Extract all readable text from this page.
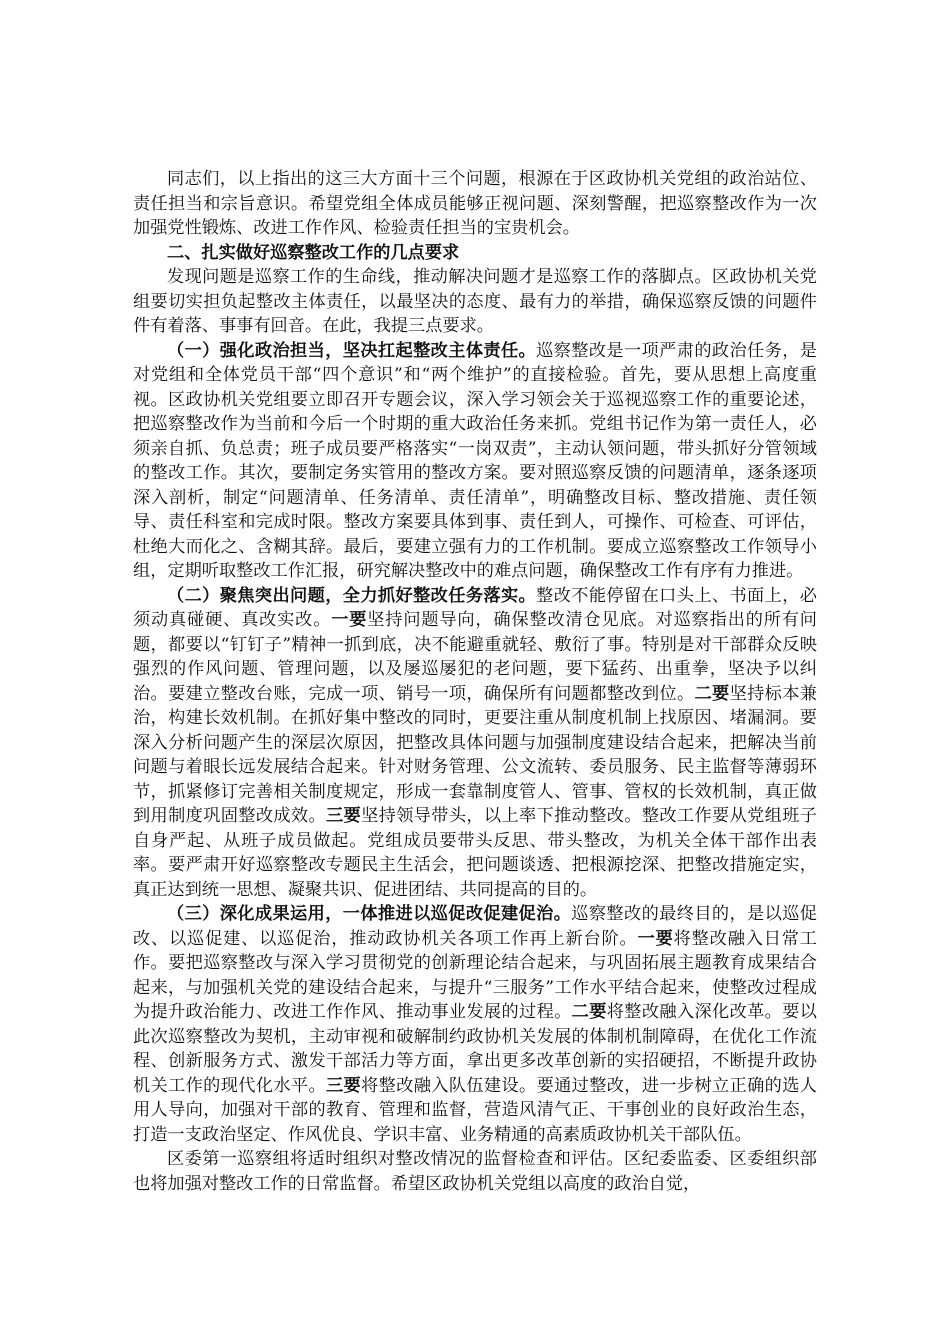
同志们，以上指出的这三大方面十三个问题，根源在于区政协机关党组的政治站位、责任担当和宗旨意识。希望党组全体成员能够正视问题、深刻警醒，把巡察整改作为一次加强党性锻炼、改进工作作风、检验责任担当的宝贵机会。

二、扎实做好巡察整改工作的几点要求

发现问题是巡察工作的生命线，推动解决问题才是巡察工作的落脚点。区政协机关党组要切实担负起整改主体责任，以最坚决的态度、最有力的举措，确保巡察反馈的问题件件有着落、事事有回音。在此，我提三点要求。

（一）强化政治担当，坚决扛起整改主体责任。巡察整改是一项严肃的政治任务，是对党组和全体党员干部“四个意识”和“两个维护”的直接检验。首先，要从思想上高度重视。区政协机关党组要立即召开专题会议，深入学习领会关于巡视巡察工作的重要论述，把巡察整改作为当前和今后一个时期的重大政治任务来抓。党组书记作为第一责任人，必须亲自抓、负总责；班子成员要严格落实“一岗双责”，主动认领问题，带头抓好分管领域的整改工作。其次，要制定务实管用的整改方案。要对照巡察反馈的问题清单，逐条逐项深入剖析，制定“问题清单、任务清单、责任清单”，明确整改目标、整改措施、责任领导、责任科室和完成时限。整改方案要具体到事、责任到人，可操作、可检查、可评估，杜绝大而化之、含糊其辞。最后，要建立强有力的工作机制。要成立巡察整改工作领导小组，定期听取整改工作汇报，研究解决整改中的难点问题，确保整改工作有序有力推进。

（二）聚焦突出问题，全力抓好整改任务落实。整改不能停留在口头上、书面上，必须动真碰硬、真改实改。一要坚持问题导向，确保整改清仓见底。对巡察指出的所有问题，都要以“钉钉子”精神一抓到底，决不能避重就轻、敷衍了事。特别是对干部群众反映强烈的作风问题、管理问题，以及屡巡屡犯的老问题，要下猛药、出重拳，坚决予以纠治。要建立整改台账，完成一项、销号一项，确保所有问题都整改到位。二要坚持标本兼治，构建长效机制。在抓好集中整改的同时，更要注重从制度机制上找原因、堵漏洞。要深入分析问题产生的深层次原因，把整改具体问题与加强制度建设结合起来，把解决当前问题与着眼长远发展结合起来。针对财务管理、公文流转、委员服务、民主监督等薄弱环节，抓紧修订完善相关制度规定，形成一套靠制度管人、管事、管权的长效机制，真正做到用制度巩固整改成效。三要坚持领导带头，以上率下推动整改。整改工作要从党组班子自身严起、从班子成员做起。党组成员要带头反思、带头整改，为机关全体干部作出表率。要严肃开好巡察整改专题民主生活会，把问题谈透、把根源挖深、把整改措施定实，真正达到统一思想、凝聚共识、促进团结、共同提高的目的。

（三）深化成果运用，一体推进以巡促改促建促治。巡察整改的最终目的，是以巡促改、以巡促建、以巡促治，推动政协机关各项工作再上新台阶。一要将整改融入日常工作。要把巡察整改与深入学习贯彻党的创新理论结合起来，与巩固拓展主题教育成果结合起来，与加强机关党的建设结合起来，与提升“三服务”工作水平结合起来，使整改过程成为提升政治能力、改进工作作风、推动事业发展的过程。二要将整改融入深化改革。要以此次巡察整改为契机，主动审视和破解制约政协机关发展的体制机制障碍，在优化工作流程、创新服务方式、激发干部活力等方面，拿出更多改革创新的实招硬招，不断提升政协机关工作的现代化水平。三要将整改融入队伍建设。要通过整改，进一步树立正确的选人用人导向，加强对干部的教育、管理和监督，营造风清气正、干事创业的良好政治生态，打造一支政治坚定、作风优良、学识丰富、业务精通的高素质政协机关干部队伍。

区委第一巡察组将适时组织对整改情况的监督检查和评估。区纪委监委、区委组织部也将加强对整改工作的日常监督。希望区政协机关党组以高度的政治自觉，
